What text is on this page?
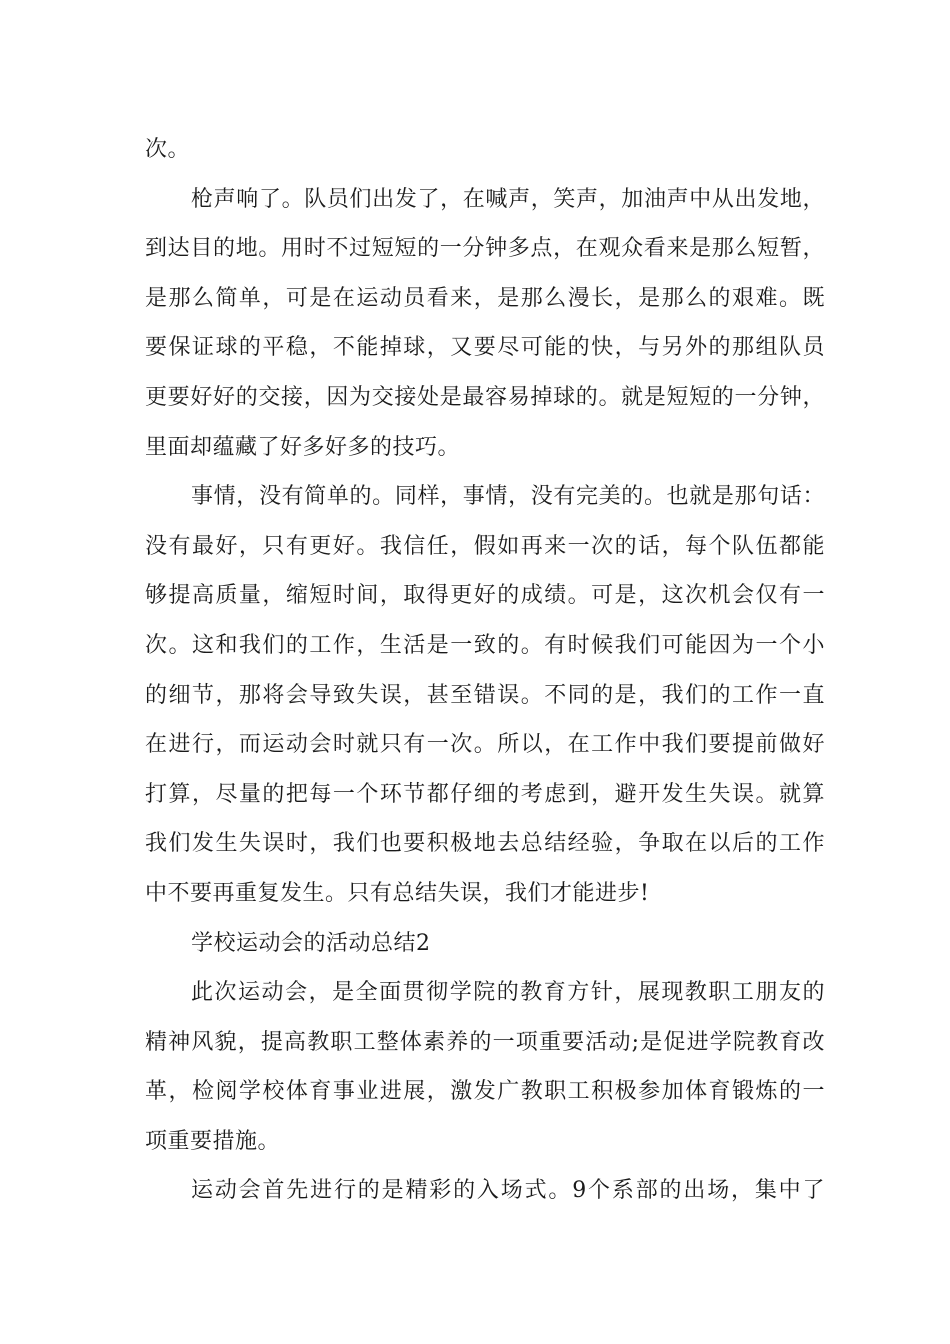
次。
枪声响了。队员们出发了，在喊声，笑声，加油声中从出发地，
到达目的地。用时不过短短的一分钟多点，在观众看来是那么短暂，
是那么简单，可是在运动员看来，是那么漫长，是那么的艰难。既
要保证球的平稳，不能掉球，又要尽可能的快，与另外的那组队员
更要好好的交接，因为交接处是最容易掉球的。就是短短的一分钟，
里面却蕴藏了好多好多的技巧。
事情，没有简单的。同样，事情，没有完美的。也就是那句话：
没有最好，只有更好。我信任，假如再来一次的话，每个队伍都能
够提高质量，缩短时间，取得更好的成绩。可是，这次机会仅有一
次。这和我们的工作，生活是一致的。有时候我们可能因为一个小
的细节，那将会导致失误，甚至错误。不同的是，我们的工作一直
在进行，而运动会时就只有一次。所以，在工作中我们要提前做好
打算，尽量的把每一个环节都仔细的考虑到，避开发生失误。就算
我们发生失误时，我们也要积极地去总结经验，争取在以后的工作
中不要再重复发生。只有总结失误，我们才能进步!
学校运动会的活动总结2
此次运动会，是全面贯彻学院的教育方针，展现教职工朋友的
精神风貌，提高教职工整体素养的一项重要活动;是促进学院教育改
革，检阅学校体育事业进展，激发广教职工积极参加体育锻炼的一
项重要措施。
运动会首先进行的是精彩的入场式。9个系部的出场，集中了
